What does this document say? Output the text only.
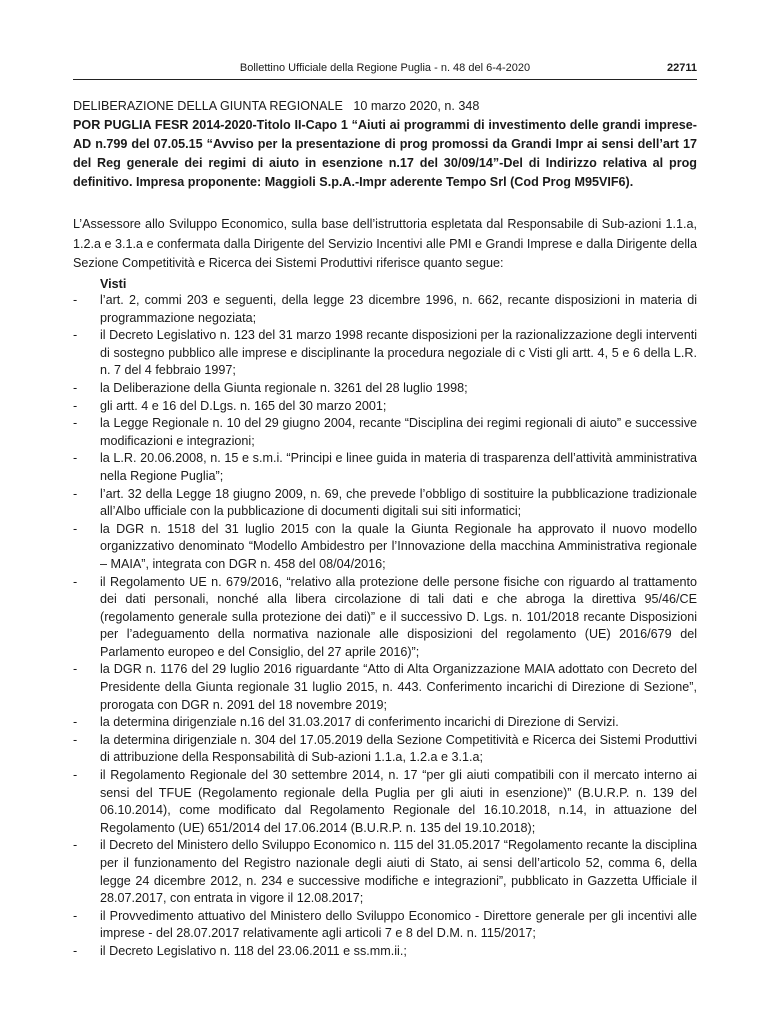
Bollettino Ufficiale della Regione Puglia - n. 48 del 6-4-2020	22711
DELIBERAZIONE DELLA GIUNTA REGIONALE   10 marzo 2020, n. 348
POR PUGLIA FESR 2014-2020-Titolo II-Capo 1 “Aiuti ai programmi di investimento delle grandi imprese-AD n.799 del 07.05.15 “Avviso per la presentazione di prog promossi da Grandi Impr ai sensi dell’art 17 del Reg generale dei regimi di aiuto in esenzione n.17 del 30/09/14”-Del di Indirizzo relativa al prog definitivo. Impresa proponente: Maggioli S.p.A.-Impr aderente Tempo Srl (Cod Prog M95VIF6).
L’Assessore allo Sviluppo Economico, sulla base dell’istruttoria espletata dal Responsabile di Sub-azioni 1.1.a, 1.2.a e 3.1.a e confermata dalla Dirigente del Servizio Incentivi alle PMI e Grandi Imprese e dalla Dirigente della Sezione Competitività e Ricerca dei Sistemi Produttivi riferisce quanto segue:
Visti
- l’art. 2, commi 203 e seguenti, della legge 23 dicembre 1996, n. 662, recante disposizioni in materia di programmazione negoziata;
- il Decreto Legislativo n. 123 del 31 marzo 1998 recante disposizioni per la razionalizzazione degli interventi di sostegno pubblico alle imprese e disciplinante la procedura negoziale di c Visti gli artt. 4, 5 e 6 della L.R. n. 7 del 4 febbraio 1997;
- la Deliberazione della Giunta regionale n. 3261 del 28 luglio 1998;
- gli artt. 4 e 16 del D.Lgs. n. 165 del 30 marzo 2001;
- la Legge Regionale n. 10 del 29 giugno 2004, recante “Disciplina dei regimi regionali di aiuto” e successive modificazioni e integrazioni;
- la L.R. 20.06.2008, n. 15 e s.m.i. “Principi e linee guida in materia di trasparenza dell’attività amministrativa nella Regione Puglia”;
- l’art. 32 della Legge 18 giugno 2009, n. 69, che prevede l’obbligo di sostituire la pubblicazione tradizionale all’Albo ufficiale con la pubblicazione di documenti digitali sui siti informatici;
- la DGR n. 1518 del 31 luglio 2015 con la quale la Giunta Regionale ha approvato il nuovo modello organizzativo denominato “Modello Ambidestro per l’Innovazione della macchina Amministrativa regionale – MAIA”, integrata con DGR n. 458 del 08/04/2016;
- il Regolamento UE n. 679/2016, “relativo alla protezione delle persone fisiche con riguardo al trattamento dei dati personali, nonché alla libera circolazione di tali dati e che abroga la direttiva 95/46/CE (regolamento generale sulla protezione dei dati)” e il successivo D. Lgs. n. 101/2018 recante Disposizioni per l’adeguamento della normativa nazionale alle disposizioni del regolamento (UE) 2016/679 del Parlamento europeo e del Consiglio, del 27 aprile 2016)”;
- la DGR n. 1176 del 29 luglio 2016 riguardante “Atto di Alta Organizzazione MAIA adottato con Decreto del Presidente della Giunta regionale 31 luglio 2015, n. 443. Conferimento incarichi di Direzione di Sezione”, prorogata con DGR n. 2091 del 18 novembre 2019;
- la determina dirigenziale n.16 del 31.03.2017 di conferimento incarichi di Direzione di Servizi.
- la determina dirigenziale n. 304 del 17.05.2019 della Sezione Competitività e Ricerca dei Sistemi Produttivi di attribuzione della Responsabilità di Sub-azioni 1.1.a, 1.2.a e 3.1.a;
- il Regolamento Regionale del 30 settembre 2014, n. 17 “per gli aiuti compatibili con il mercato interno ai sensi del TFUE (Regolamento regionale della Puglia per gli aiuti in esenzione)” (B.U.R.P. n. 139 del 06.10.2014), come modificato dal Regolamento Regionale del 16.10.2018, n.14, in attuazione del Regolamento (UE) 651/2014 del 17.06.2014 (B.U.R.P. n. 135 del 19.10.2018);
- il Decreto del Ministero dello Sviluppo Economico n. 115 del 31.05.2017 “Regolamento recante la disciplina per il funzionamento del Registro nazionale degli aiuti di Stato, ai sensi dell’articolo 52, comma 6, della legge 24 dicembre 2012, n. 234 e successive modifiche e integrazioni”, pubblicato in Gazzetta Ufficiale il 28.07.2017, con entrata in vigore il 12.08.2017;
- il Provvedimento attuativo del Ministero dello Sviluppo Economico - Direttore generale per gli incentivi alle imprese - del 28.07.2017 relativamente agli articoli 7 e 8 del D.M. n. 115/2017;
- il Decreto Legislativo n. 118 del 23.06.2011 e ss.mm.ii.;
